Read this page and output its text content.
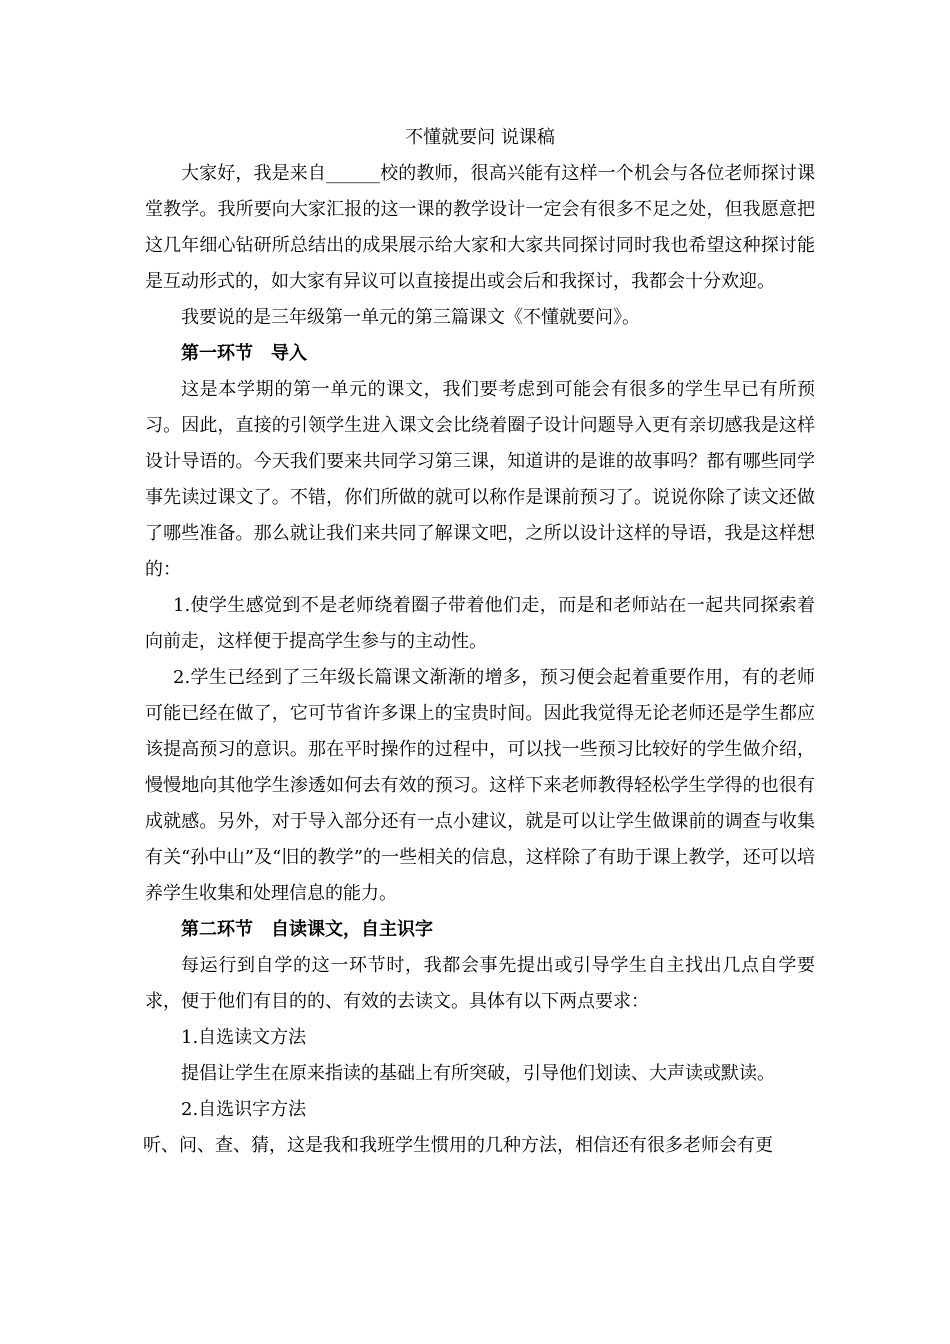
不懂就要问 说课稿

大家好，我是来自______校的教师，很高兴能有这样一个机会与各位老师探讨课堂教学。我所要向大家汇报的这一课的教学设计一定会有很多不足之处，但我愿意把这几年细心钻研所总结出的成果展示给大家和大家共同探讨同时我也希望这种探讨能是互动形式的，如大家有异议可以直接提出或会后和我探讨，我都会十分欢迎。

我要说的是三年级第一单元的第三篇课文《不懂就要问》。

第一环节　导入

这是本学期的第一单元的课文，我们要考虑到可能会有很多的学生早已有所预习。因此，直接的引领学生进入课文会比绕着圈子设计问题导入更有亲切感我是这样设计导语的。今天我们要来共同学习第三课，知道讲的是谁的故事吗？都有哪些同学事先读过课文了。不错，你们所做的就可以称作是课前预习了。说说你除了读文还做了哪些准备。那么就让我们来共同了解课文吧，之所以设计这样的导语，我是这样想的：

1.使学生感觉到不是老师绕着圈子带着他们走，而是和老师站在一起共同探索着向前走，这样便于提高学生参与的主动性。

2.学生已经到了三年级长篇课文渐渐的增多，预习便会起着重要作用，有的老师可能已经在做了，它可节省许多课上的宝贵时间。因此我觉得无论老师还是学生都应该提高预习的意识。那在平时操作的过程中，可以找一些预习比较好的学生做介绍，慢慢地向其他学生渗透如何去有效的预习。这样下来老师教得轻松学生学得的也很有成就感。另外，对于导入部分还有一点小建议，就是可以让学生做课前的调查与收集有关“孙中山”及“旧的教学”的一些相关的信息，这样除了有助于课上教学，还可以培养学生收集和处理信息的能力。

第二环节　自读课文，自主识字

每运行到自学的这一环节时，我都会事先提出或引导学生自主找出几点自学要求，便于他们有目的的、有效的去读文。具体有以下两点要求：

1.自选读文方法

提倡让学生在原来指读的基础上有所突破，引导他们划读、大声读或默读。

2.自选识字方法

听、问、查、猜，这是我和我班学生惯用的几种方法，相信还有很多老师会有更
